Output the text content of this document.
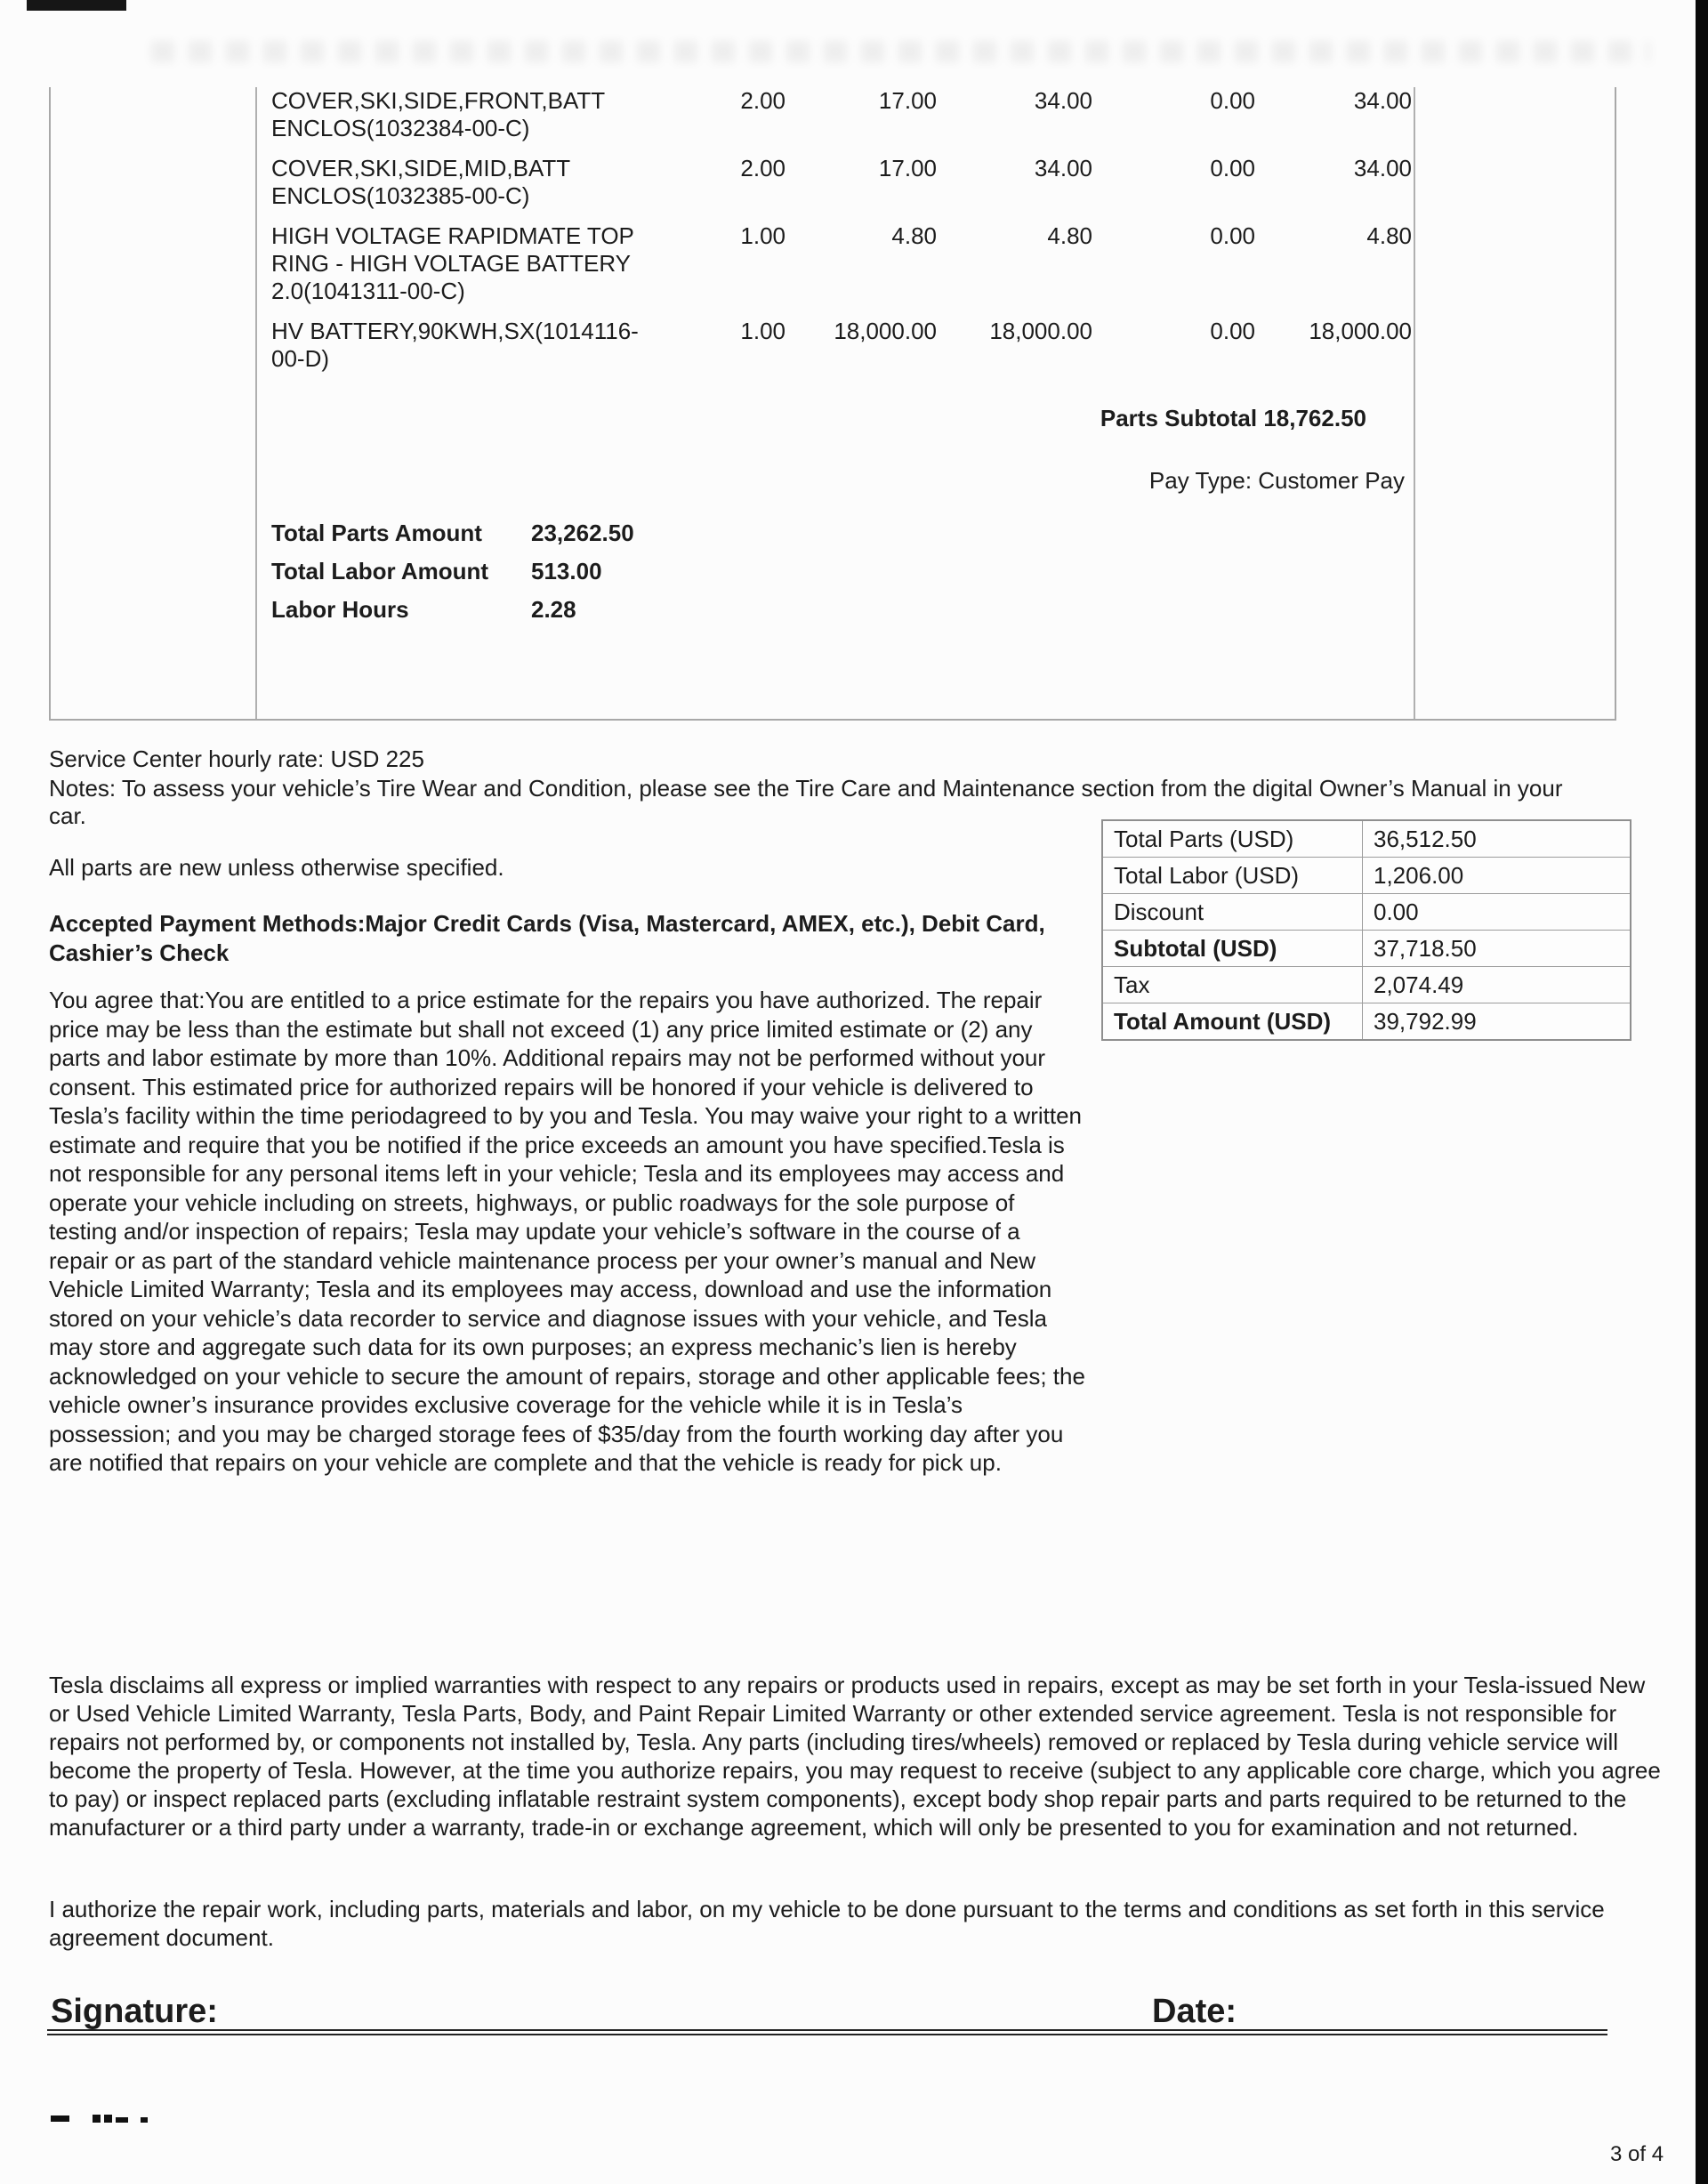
COVER,SKI,SIDE,FRONT,BATT ENCLOS(1032384-00-C)
2.00	17.00	34.00	0.00	34.00
COVER,SKI,SIDE,MID,BATT ENCLOS(1032385-00-C)
2.00	17.00	34.00	0.00	34.00
HIGH VOLTAGE RAPIDMATE TOP RING - HIGH VOLTAGE BATTERY 2.0(1041311-00-C)
1.00	4.80	4.80	0.00	4.80
HV BATTERY,90KWH,SX(1014116-00-D)
1.00	18,000.00	18,000.00	0.00	18,000.00
Parts Subtotal 18,762.50
Pay Type: Customer Pay
Total Parts Amount	23,262.50
Total Labor Amount	513.00
Labor Hours	2.28
Service Center hourly rate: USD 225
Notes: To assess your vehicle’s Tire Wear and Condition, please see the Tire Care and Maintenance section from the digital Owner’s Manual in your car.
All parts are new unless otherwise specified.
Total Parts (USD)	36,512.50
Total Labor (USD)	1,206.00
Discount	0.00
Subtotal (USD)	37,718.50
Tax	2,074.49
Total Amount (USD)	39,792.99
Accepted Payment Methods:Major Credit Cards (Visa, Mastercard, AMEX, etc.), Debit Card, Cashier’s Check
You agree that:You are entitled to a price estimate for the repairs you have authorized. The repair price may be less than the estimate but shall not exceed (1) any price limited estimate or (2) any parts and labor estimate by more than 10%. Additional repairs may not be performed without your consent. This estimated price for authorized repairs will be honored if your vehicle is delivered to Tesla’s facility within the time periodagreed to by you and Tesla. You may waive your right to a written estimate and require that you be notified if the price exceeds an amount you have specified.Tesla is not responsible for any personal items left in your vehicle; Tesla and its employees may access and operate your vehicle including on streets, highways, or public roadways for the sole purpose of testing and/or inspection of repairs; Tesla may update your vehicle’s software in the course of a repair or as part of the standard vehicle maintenance process per your owner’s manual and New Vehicle Limited Warranty; Tesla and its employees may access, download and use the information stored on your vehicle’s data recorder to service and diagnose issues with your vehicle, and Tesla may store and aggregate such data for its own purposes; an express mechanic’s lien is hereby acknowledged on your vehicle to secure the amount of repairs, storage and other applicable fees; the vehicle owner’s insurance provides exclusive coverage for the vehicle while it is in Tesla’s possession; and you may be charged storage fees of $35/day from the fourth working day after you are notified that repairs on your vehicle are complete and that the vehicle is ready for pick up.
Tesla disclaims all express or implied warranties with respect to any repairs or products used in repairs, except as may be set forth in your Tesla-issued New or Used Vehicle Limited Warranty, Tesla Parts, Body, and Paint Repair Limited Warranty or other extended service agreement. Tesla is not responsible for repairs not performed by, or components not installed by, Tesla. Any parts (including tires/wheels) removed or replaced by Tesla during vehicle service will become the property of Tesla. However, at the time you authorize repairs, you may request to receive (subject to any applicable core charge, which you agree to pay) or inspect replaced parts (excluding inflatable restraint system components), except body shop repair parts and parts required to be returned to the manufacturer or a third party under a warranty, trade-in or exchange agreement, which will only be presented to you for examination and not returned.
I authorize the repair work, including parts, materials and labor, on my vehicle to be done pursuant to the terms and conditions as set forth in this service agreement document.
Signature:	Date:
3 of 4
